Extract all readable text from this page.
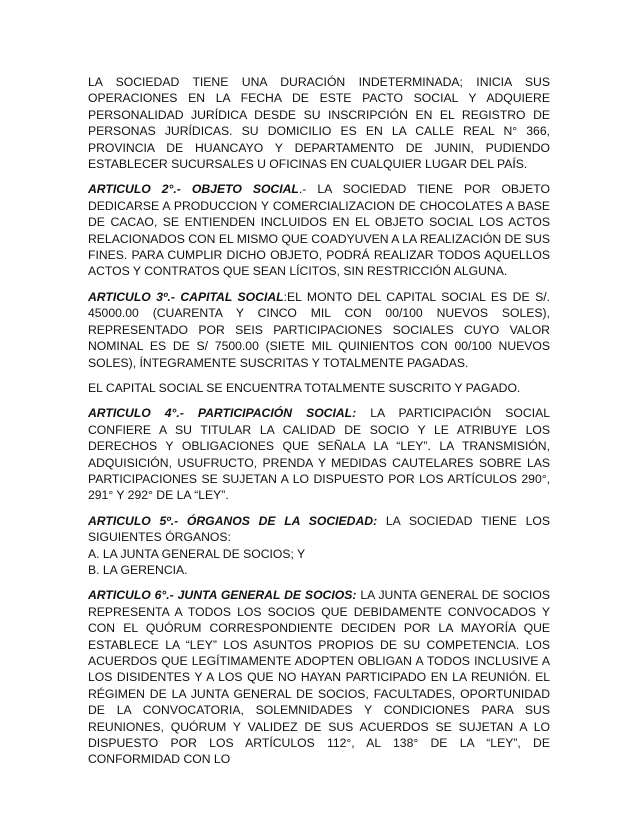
LA SOCIEDAD TIENE UNA DURACIÓN INDETERMINADA; INICIA SUS OPERACIONES EN LA FECHA DE ESTE PACTO SOCIAL Y ADQUIERE PERSONALIDAD JURÍDICA DESDE SU INSCRIPCIÓN EN EL REGISTRO DE PERSONAS JURÍDICAS. SU DOMICILIO ES EN LA CALLE REAL N° 366, PROVINCIA DE HUANCAYO Y DEPARTAMENTO DE JUNIN, PUDIENDO ESTABLECER SUCURSALES U OFICINAS EN CUALQUIER LUGAR DEL PAÍS.

ARTICULO 2°.- OBJETO SOCIAL.- LA SOCIEDAD TIENE POR OBJETO DEDICARSE A PRODUCCION Y COMERCIALIZACION DE CHOCOLATES A BASE DE CACAO, SE ENTIENDEN INCLUIDOS EN EL OBJETO SOCIAL LOS ACTOS RELACIONADOS CON EL MISMO QUE COADYUVEN A LA REALIZACIÓN DE SUS FINES. PARA CUMPLIR DICHO OBJETO, PODRÁ REALIZAR TODOS AQUELLOS ACTOS Y CONTRATOS QUE SEAN LÍCITOS, SIN RESTRICCIÓN ALGUNA.

ARTICULO 3º.- CAPITAL SOCIAL:EL MONTO DEL CAPITAL SOCIAL ES DE S/. 45000.00 (CUARENTA Y CINCO MIL CON 00/100 NUEVOS SOLES), REPRESENTADO POR SEIS PARTICIPACIONES SOCIALES CUYO VALOR NOMINAL ES DE S/ 7500.00 (SIETE MIL QUINIENTOS CON 00/100 NUEVOS SOLES), ÍNTEGRAMENTE SUSCRITAS Y TOTALMENTE PAGADAS.

EL CAPITAL SOCIAL SE ENCUENTRA TOTALMENTE SUSCRITO Y PAGADO.

ARTICULO 4°.- PARTICIPACIÓN SOCIAL: LA PARTICIPACIÓN SOCIAL CONFIERE A SU TITULAR LA CALIDAD DE SOCIO Y LE ATRIBUYE LOS DERECHOS Y OBLIGACIONES QUE SEÑALA LA “LEY”. LA TRANSMISIÓN, ADQUISICIÓN, USUFRUCTO, PRENDA Y MEDIDAS CAUTELARES SOBRE LAS PARTICIPACIONES SE SUJETAN A LO DISPUESTO POR LOS ARTÍCULOS 290°, 291° Y 292° DE LA “LEY”.

ARTICULO 5º.- ÓRGANOS DE LA SOCIEDAD: LA SOCIEDAD TIENE LOS SIGUIENTES ÓRGANOS:
A. LA JUNTA GENERAL DE SOCIOS; Y
B. LA GERENCIA.

ARTICULO 6°.- JUNTA GENERAL DE SOCIOS: LA JUNTA GENERAL DE SOCIOS REPRESENTA A TODOS LOS SOCIOS QUE DEBIDAMENTE CONVOCADOS Y CON EL QUÓRUM CORRESPONDIENTE DECIDEN POR LA MAYORÍA QUE ESTABLECE LA “LEY” LOS ASUNTOS PROPIOS DE SU COMPETENCIA. LOS ACUERDOS QUE LEGÍTIMAMENTE ADOPTEN OBLIGAN A TODOS INCLUSIVE A LOS DISIDENTES Y A LOS QUE NO HAYAN PARTICIPADO EN LA REUNIÓN. EL RÉGIMEN DE LA JUNTA GENERAL DE SOCIOS, FACULTADES, OPORTUNIDAD DE LA CONVOCATORIA, SOLEMNIDADES Y CONDICIONES PARA SUS REUNIONES, QUÓRUM Y VALIDEZ DE SUS ACUERDOS SE SUJETAN A LO DISPUESTO POR LOS ARTÍCULOS 112°, AL 138° DE LA “LEY”, DE CONFORMIDAD CON LO
